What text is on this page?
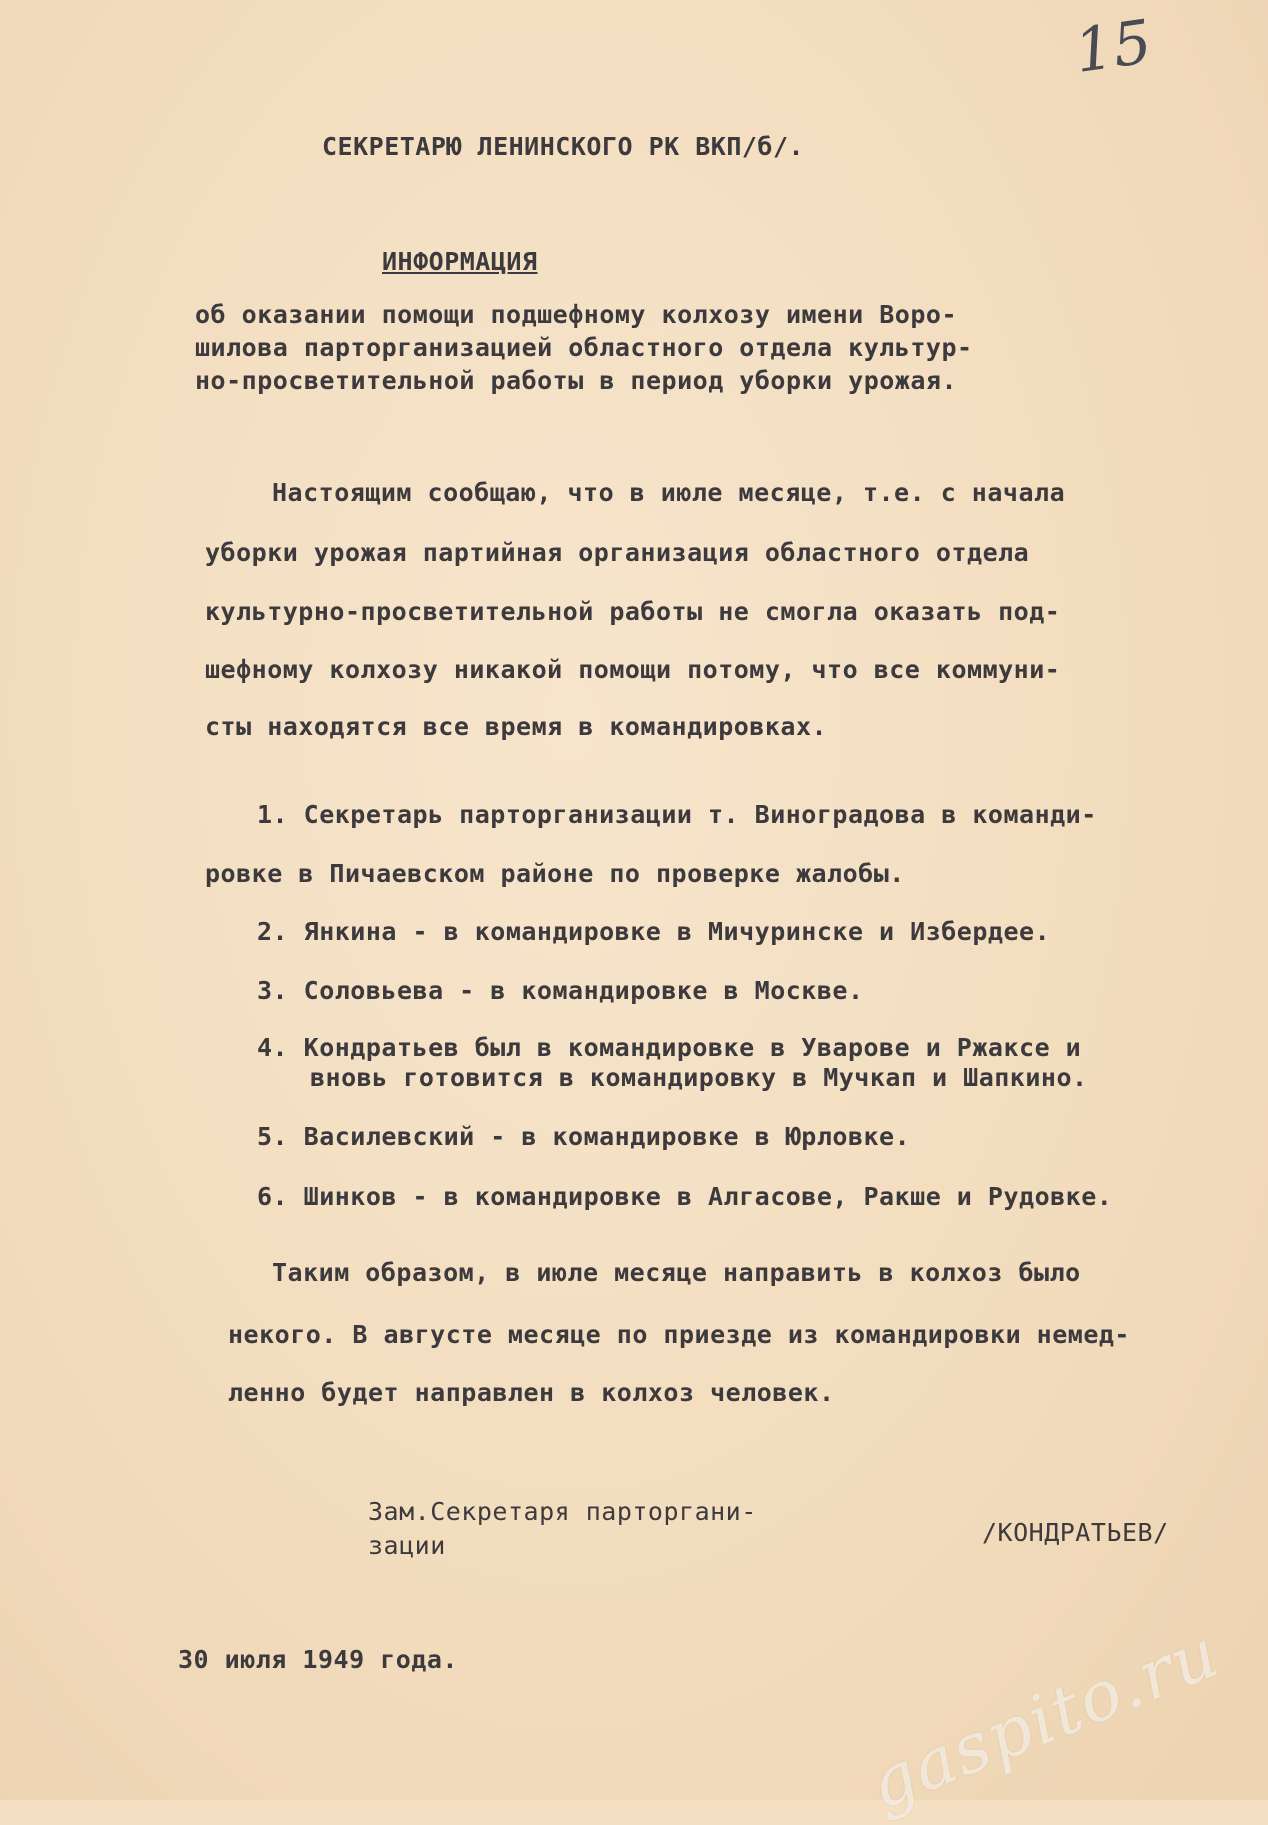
15
СЕКРЕТАРЮ ЛЕНИНСКОГО РК ВКП/б/.
ИНФОРМАЦИЯ
об оказании помощи подшефному колхозу имени Воро-
шилова парторганизацией областного отдела культур-
но-просветительной работы в период уборки урожая.
Настоящим сообщаю, что в июле месяце, т.е. с начала
уборки урожая партийная организация областного отдела
культурно-просветительной работы не смогла оказать под-
шефному колхозу никакой помощи потому, что все коммуни-
сты находятся все время в командировках.
1. Секретарь парторганизации т. Виноградова в команди-
ровке в Пичаевском районе по проверке жалобы.
2. Янкина - в командировке в Мичуринске и Избердее.
3. Соловьева - в командировке в Москве.
4. Кондратьев был в командировке в Уварове и Ржаксе и
вновь готовится в командировку в Мучкап и Шапкино.
5. Василевский - в командировке в Юрловке.
6. Шинков - в командировке в Алгасове, Ракше и Рудовке.
Таким образом, в июле месяце направить в колхоз было
некого. В августе месяце по приезде из командировки немед-
ленно будет направлен в колхоз человек.
Зам.Секретаря парторгани-
зации	/КОНДРАТЬЕВ/
30 июля 1949 года.	gaspito.ru
